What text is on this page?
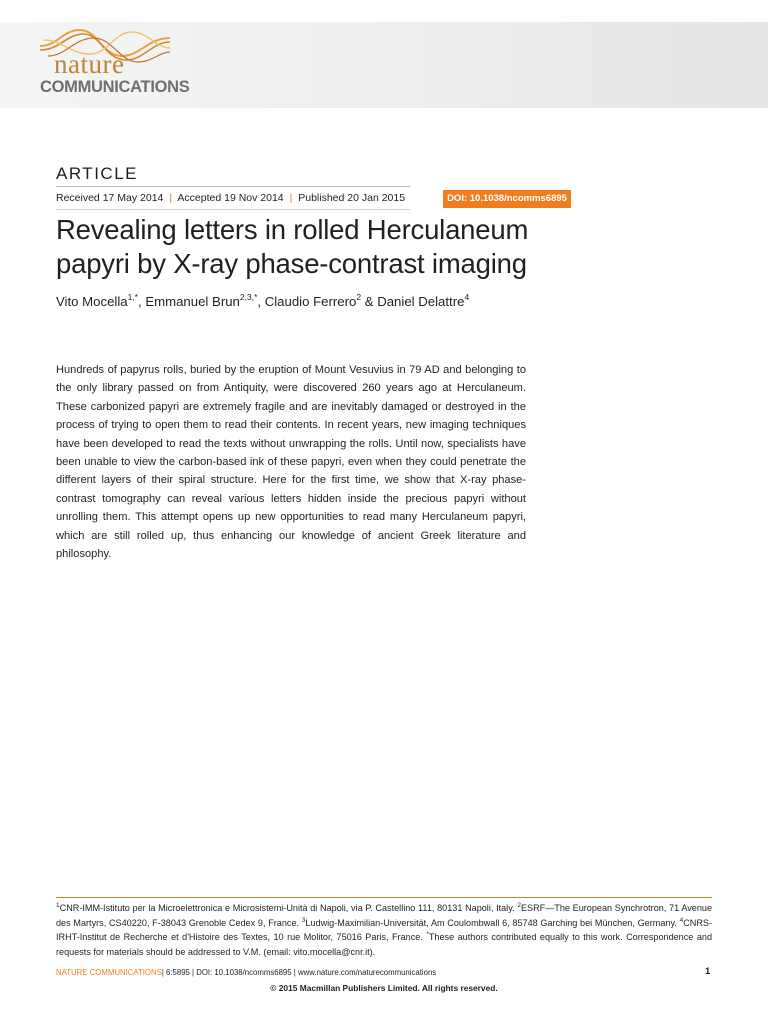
nature
COMMUNICATIONS
ARTICLE
Received 17 May 2014 | Accepted 19 Nov 2014 | Published 20 Jan 2015	DOI: 10.1038/ncomms6895
Revealing letters in rolled Herculaneum
papyri by X-ray phase-contrast imaging
Vito Mocella$^{1,*}$, Emmanuel Brun$^{2,3,*}$, Claudio Ferrero$^2$ & Daniel Delattre$^4$
Hundreds of papyrus rolls, buried by the eruption of Mount Vesuvius in 79 AD and belonging to the only library passed on from Antiquity, were discovered 260 years ago at Herculaneum. These carbonized papyri are extremely fragile and are inevitably damaged or destroyed in the process of trying to open them to read their contents. In recent years, new imaging techniques have been developed to read the texts without unwrapping the rolls. Until now, specialists have been unable to view the carbon-based ink of these papyri, even when they could penetrate the different layers of their spiral structure. Here for the first time, we show that X-ray phase-contrast tomography can reveal various letters hidden inside the precious papyri without unrolling them. This attempt opens up new opportunities to read many Herculaneum papyri, which are still rolled up, thus enhancing our knowledge of ancient Greek literature and philosophy.
$^1$CNR-IMM-Istituto per la Microelettronica e Microsistemi-Unità di Napoli, via P. Castellino 111, 80131 Napoli, Italy. $^2$ESRF—The European Synchrotron, 71 Avenue des Martyrs, CS40220, F-38043 Grenoble Cedex 9, France. $^3$Ludwig-Maximilian-Universität, Am Coulombwall 6, 85748 Garching bei München, Germany. $^4$CNRS-IRHT-Institut de Recherche et d'Histoire des Textes, 10 rue Molitor, 75016 Paris, France. *These authors contributed equally to this work. Correspondence and requests for materials should be addressed to V.M. (email: vito.mocella@cnr.it).
NATURE COMMUNICATIONS| 6:5895 | DOI: 10.1038/ncomms6895 | www.nature.com/naturecommunications	1
© 2015 Macmillan Publishers Limited. All rights reserved.
